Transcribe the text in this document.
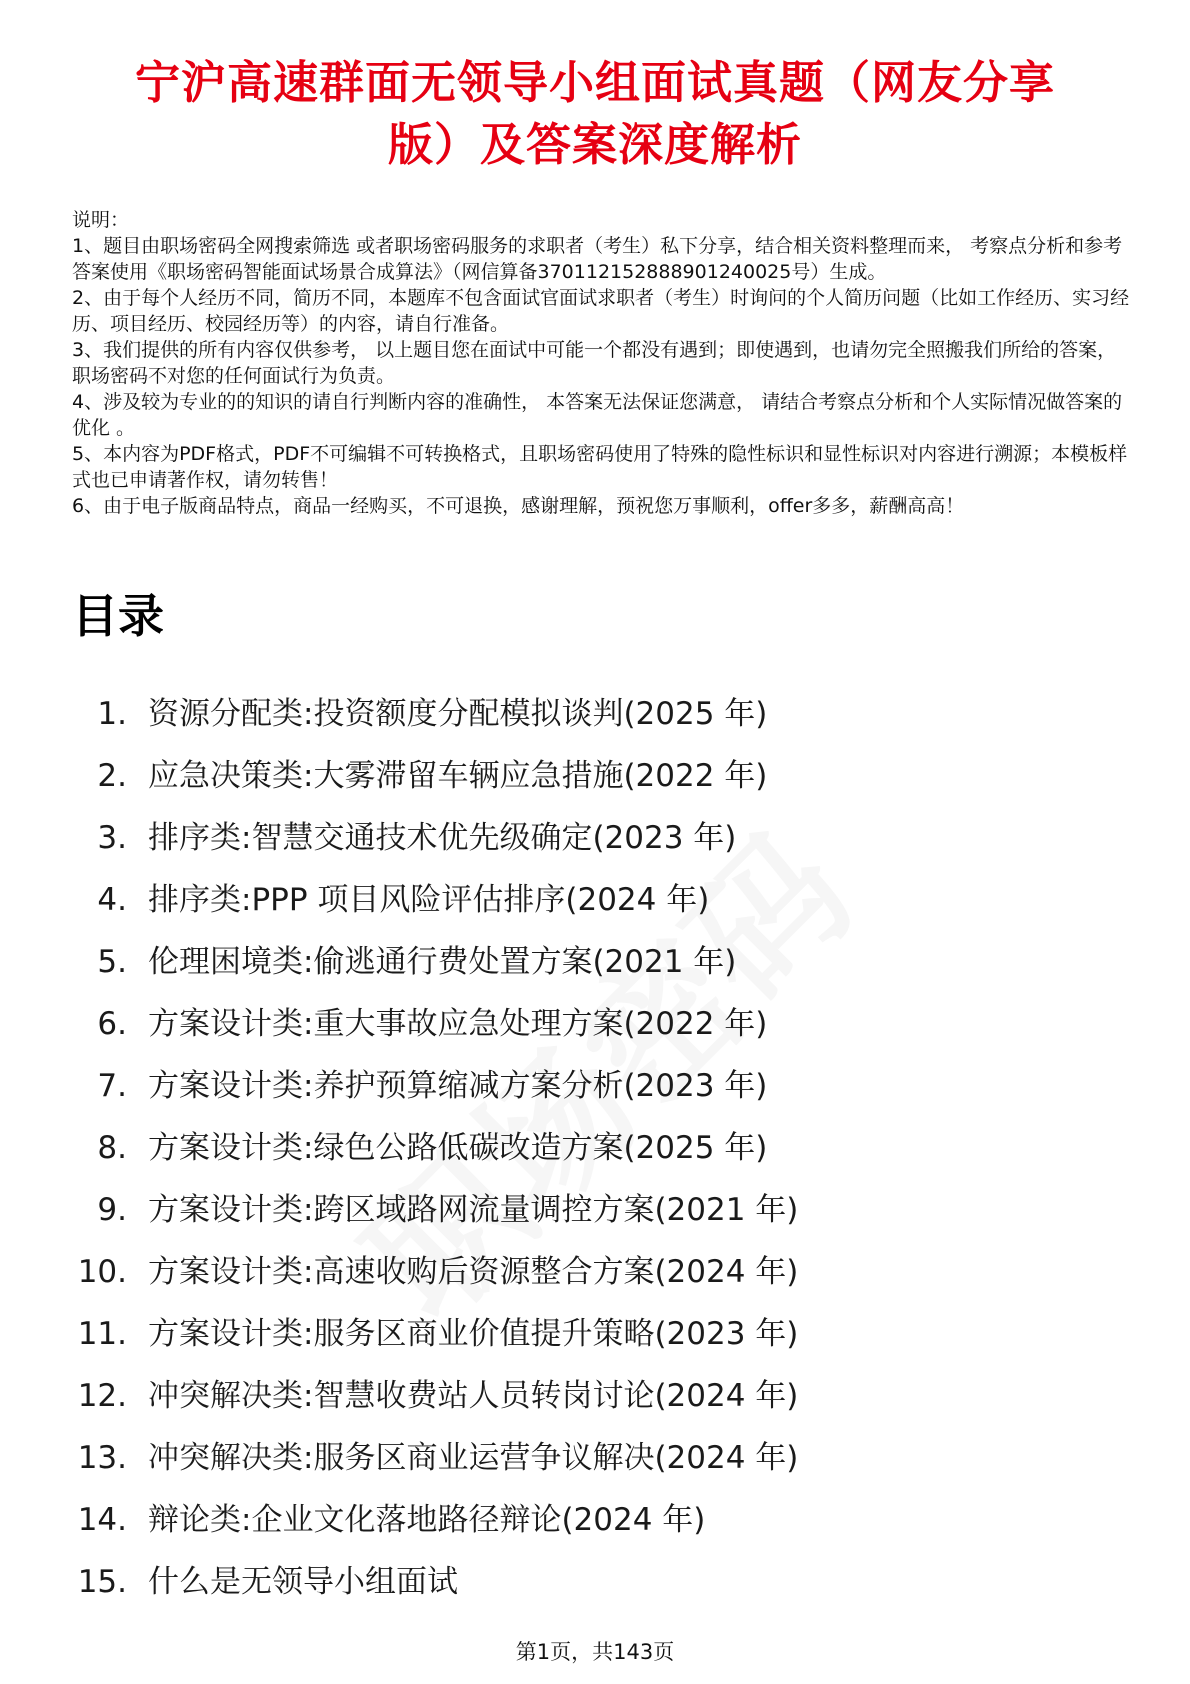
宁沪高速群面无领导小组面试真题（网友分享
版）及答案深度解析
说明：
1、题目由职场密码全网搜索筛选 或者职场密码服务的求职者（考生）私下分享，结合相关资料整理而来， 考察点分析和参考答案使用《职场密码智能面试场景合成算法》（网信算备370112152888901240025号）生成。
2、由于每个人经历不同，简历不同，本题库不包含面试官面试求职者（考生）时询问的个人简历问题（比如工作经历、实习经历、项目经历、校园经历等）的内容，请自行准备。
3、我们提供的所有内容仅供参考， 以上题目您在面试中可能一个都没有遇到；即使遇到，也请勿完全照搬我们所给的答案，职场密码不对您的任何面试行为负责。
4、涉及较为专业的的知识的请自行判断内容的准确性， 本答案无法保证您满意， 请结合考察点分析和个人实际情况做答案的优化 。
5、本内容为PDF格式，PDF不可编辑不可转换格式，且职场密码使用了特殊的隐性标识和显性标识对内容进行溯源；本模板样式也已申请著作权，请勿转售！
6、由于电子版商品特点，商品一经购买，不可退换，感谢理解，预祝您万事顺利，offer多多，薪酬高高！
目录
1. 资源分配类:投资额度分配模拟谈判(2025 年)
2. 应急决策类:大雾滞留车辆应急措施(2022 年)
3. 排序类:智慧交通技术优先级确定(2023 年)
4. 排序类:PPP 项目风险评估排序(2024 年)
5. 伦理困境类:偷逃通行费处置方案(2021 年)
6. 方案设计类:重大事故应急处理方案(2022 年)
7. 方案设计类:养护预算缩减方案分析(2023 年)
8. 方案设计类:绿色公路低碳改造方案(2025 年)
9. 方案设计类:跨区域路网流量调控方案(2021 年)
10. 方案设计类:高速收购后资源整合方案(2024 年)
11. 方案设计类:服务区商业价值提升策略(2023 年)
12. 冲突解决类:智慧收费站人员转岗讨论(2024 年)
13. 冲突解决类:服务区商业运营争议解决(2024 年)
14. 辩论类:企业文化落地路径辩论(2024 年)
15. 什么是无领导小组面试
第1页，共143页
